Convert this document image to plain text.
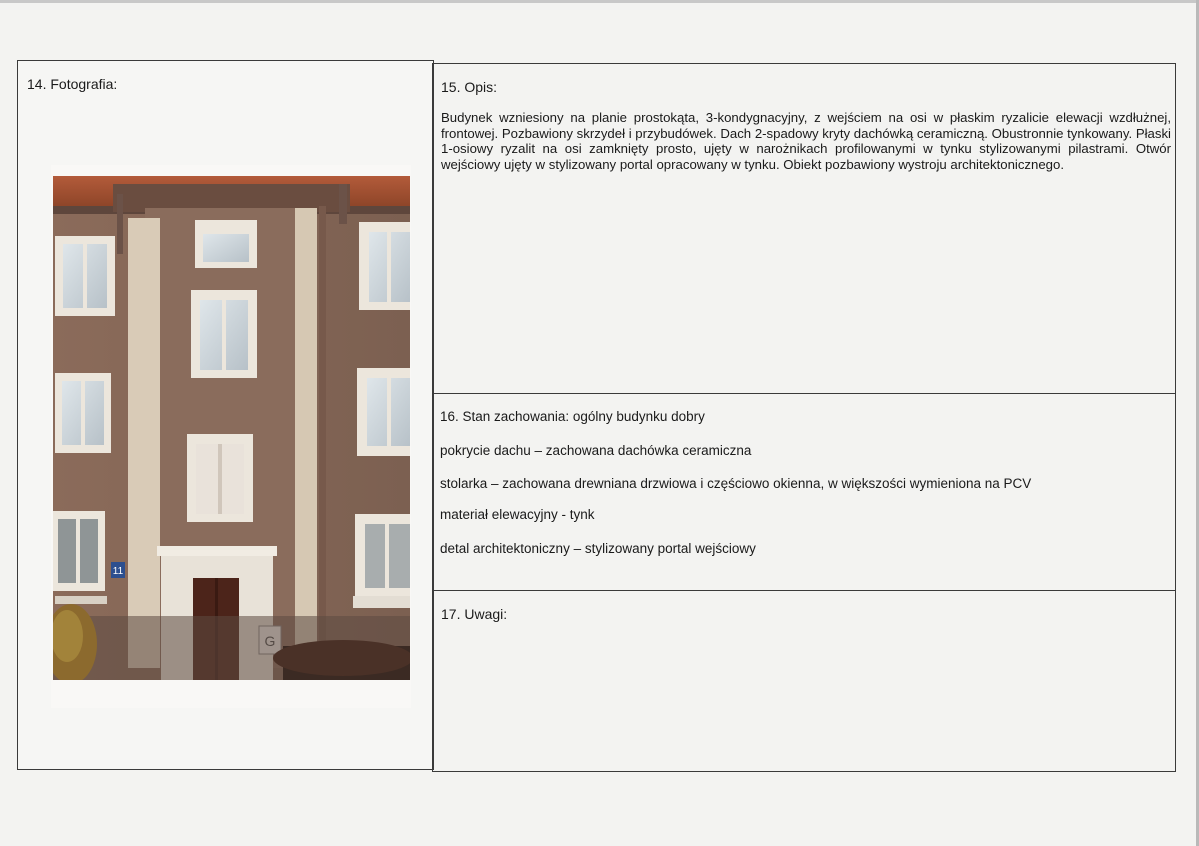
14. Fotografia:	15. Opis:
Budynek wzniesiony na planie prostokąta, 3-kondygnacyjny, z wejściem na osi w płaskim ryzalicie elewacji wzdłużnej, frontowej. Pozbawiony skrzydeł i przybudówek. Dach 2-spadowy kryty dachówką ceramiczną. Obustronnie tynkowany. Płaski 1-osiowy ryzalit na osi zamknięty prosto, ujęty w narożnikach profilowanymi w tynku stylizowanymi pilastrami. Otwór wejściowy ujęty w stylizowany portal opracowany w tynku. Obiekt pozbawiony wystroju architektonicznego.
16. Stan zachowania: ogólny budynku dobry
pokrycie dachu – zachowana dachówka ceramiczna
stolarka – zachowana drewniana drzwiowa i częściowo okienna, w większości wymieniona na PCV
materiał elewacyjny - tynk
detal architektoniczny – stylizowany portal wejściowy
17. Uwagi:
11
